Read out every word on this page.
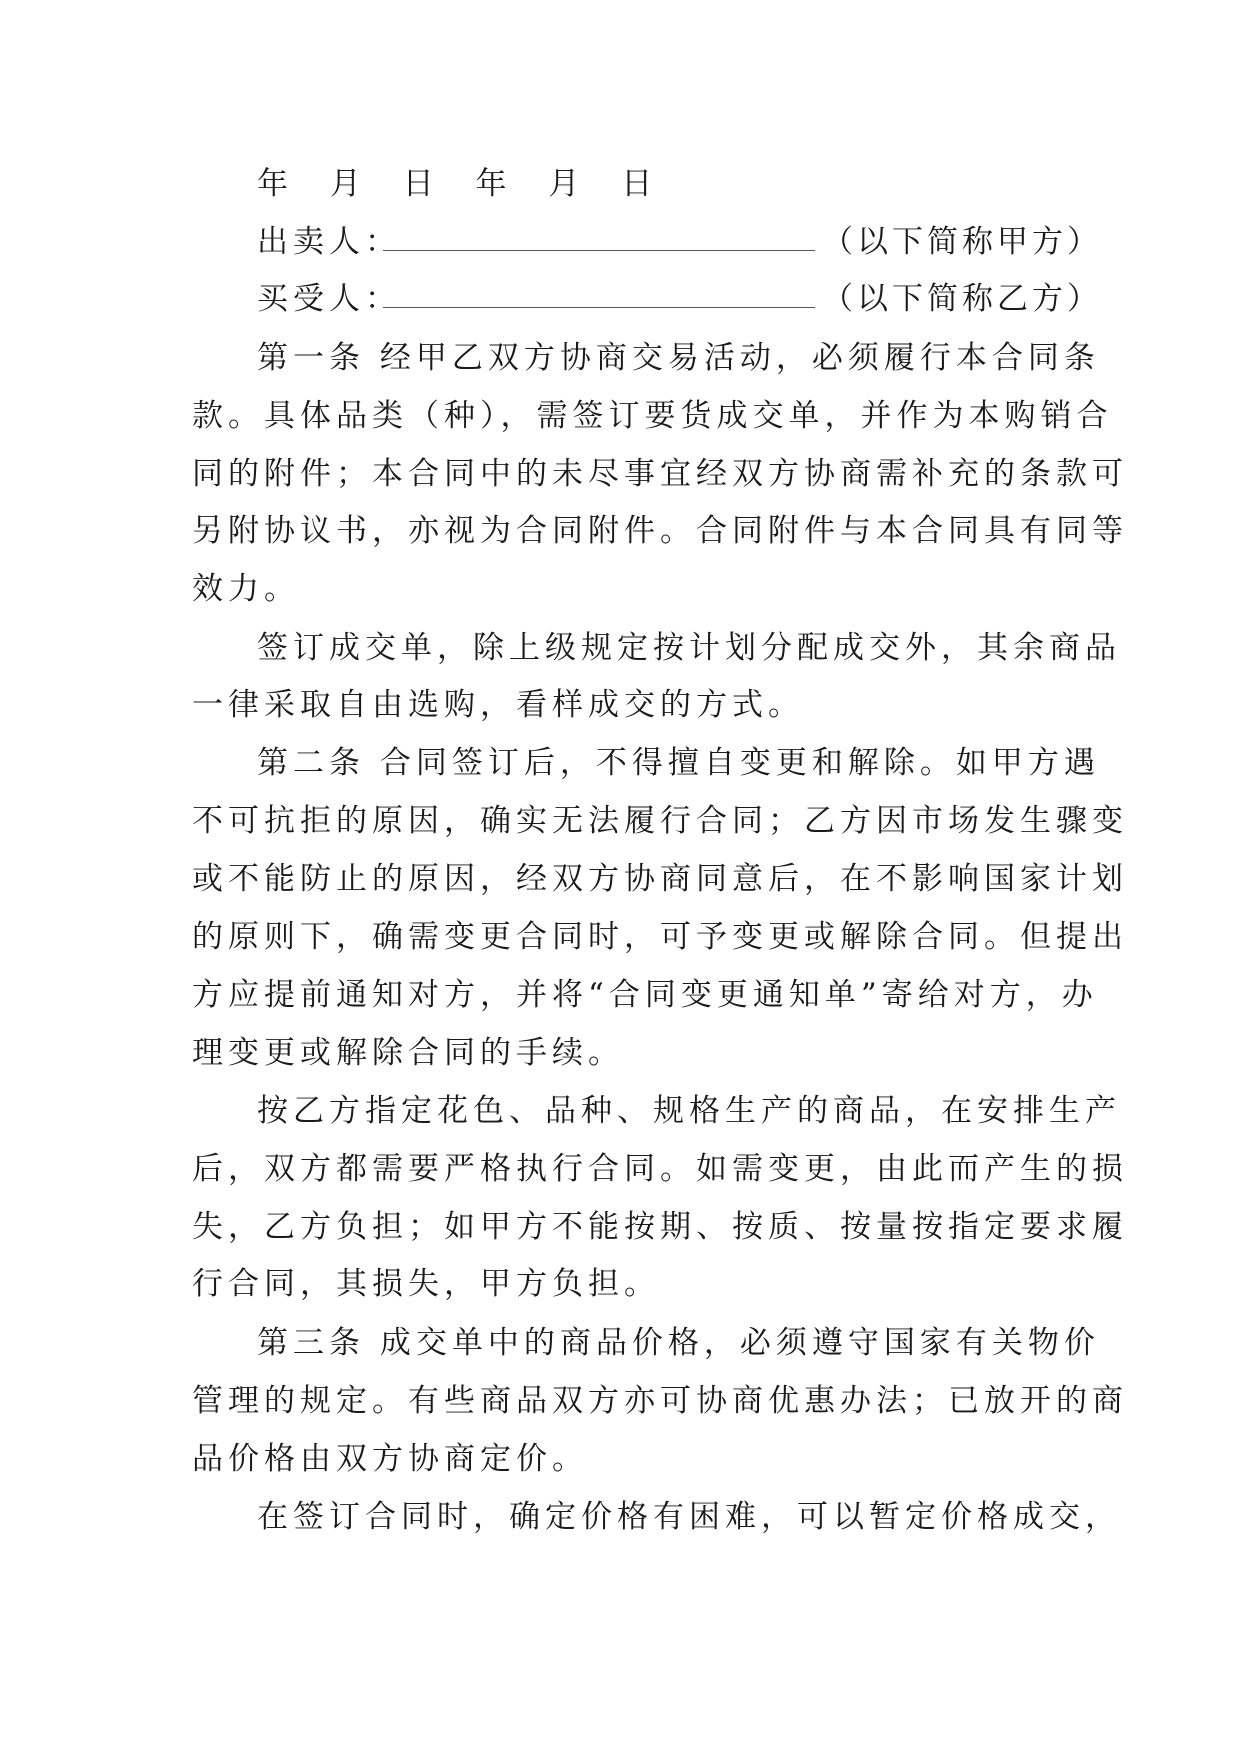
年 月 日 年 月 日
出卖人：	（以下简称甲方）
买受人：	（以下简称乙方）
第一条 经甲乙双方协商交易活动，必须履行本合同条
款。具体品类（种），需签订要货成交单，并作为本购销合
同的附件；本合同中的未尽事宜经双方协商需补充的条款可
另附协议书，亦视为合同附件。合同附件与本合同具有同等
效力。
签订成交单，除上级规定按计划分配成交外，其余商品
一律采取自由选购，看样成交的方式。
第二条 合同签订后，不得擅自变更和解除。如甲方遇
不可抗拒的原因，确实无法履行合同；乙方因市场发生骤变
或不能防止的原因，经双方协商同意后，在不影响国家计划
的原则下，确需变更合同时，可予变更或解除合同。但提出
方应提前通知对方，并将“合同变更通知单”寄给对方，办
理变更或解除合同的手续。
按乙方指定花色、品种、规格生产的商品，在安排生产
后，双方都需要严格执行合同。如需变更，由此而产生的损
失，乙方负担；如甲方不能按期、按质、按量按指定要求履
行合同，其损失，甲方负担。
第三条 成交单中的商品价格，必须遵守国家有关物价
管理的规定。有些商品双方亦可协商优惠办法；已放开的商
品价格由双方协商定价。
在签订合同时，确定价格有困难，可以暂定价格成交，
